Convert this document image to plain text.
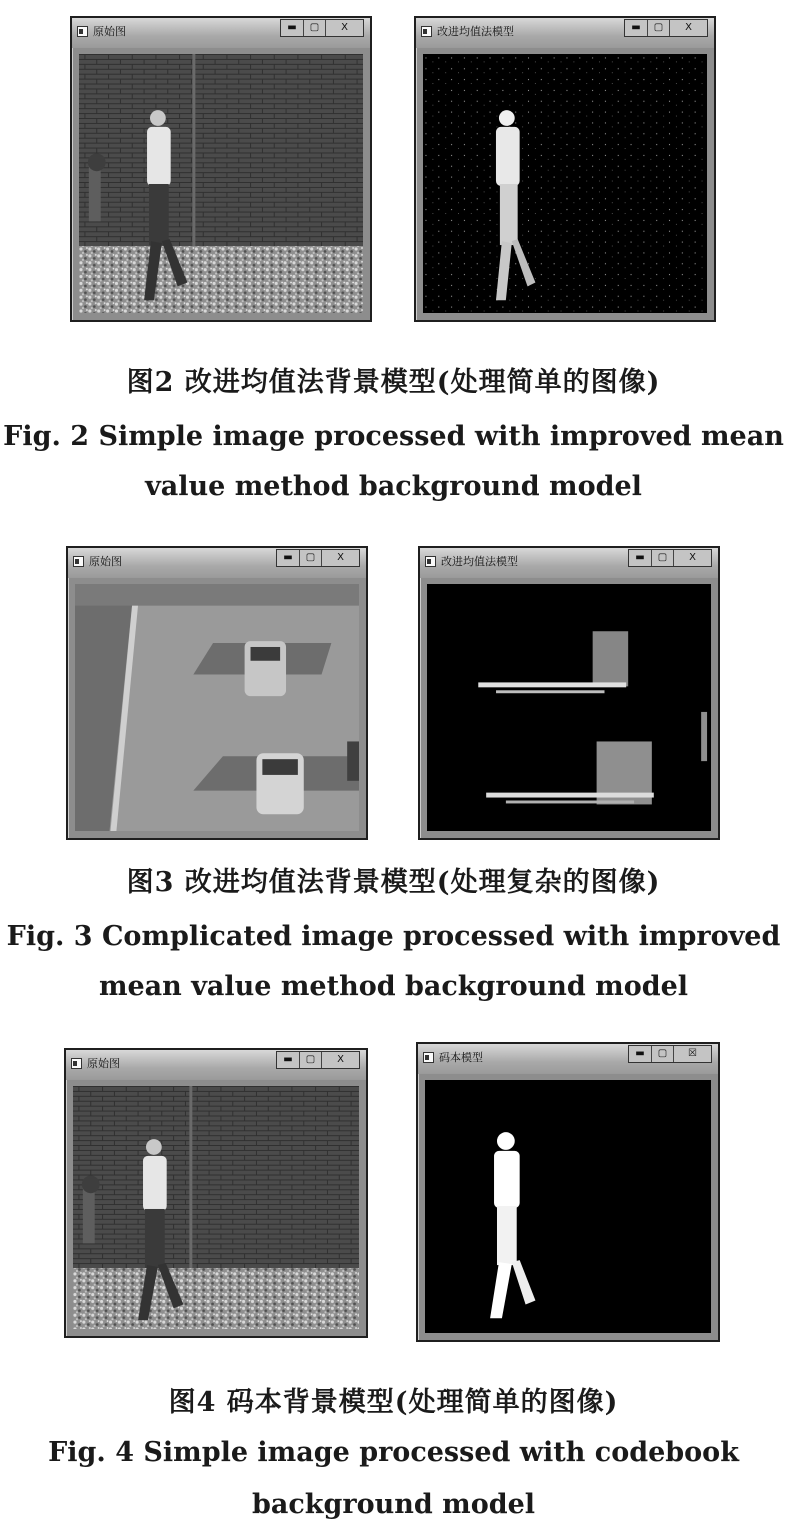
原始图	▬	▢	X	改进均值法模型	▬	▢	X
图2 改进均值法背景模型(处理简单的图像)
Fig. 2 Simple image processed with improved mean
value method background model
原始图	▬	▢	X	改进均值法模型	▬	▢	X
图3 改进均值法背景模型(处理复杂的图像)
Fig. 3 Complicated image processed with improved
mean value method background model
原始图	▬	▢	X	码本模型	▬	▢	☒
图4 码本背景模型(处理简单的图像)
Fig. 4 Simple image processed with codebook
background model
